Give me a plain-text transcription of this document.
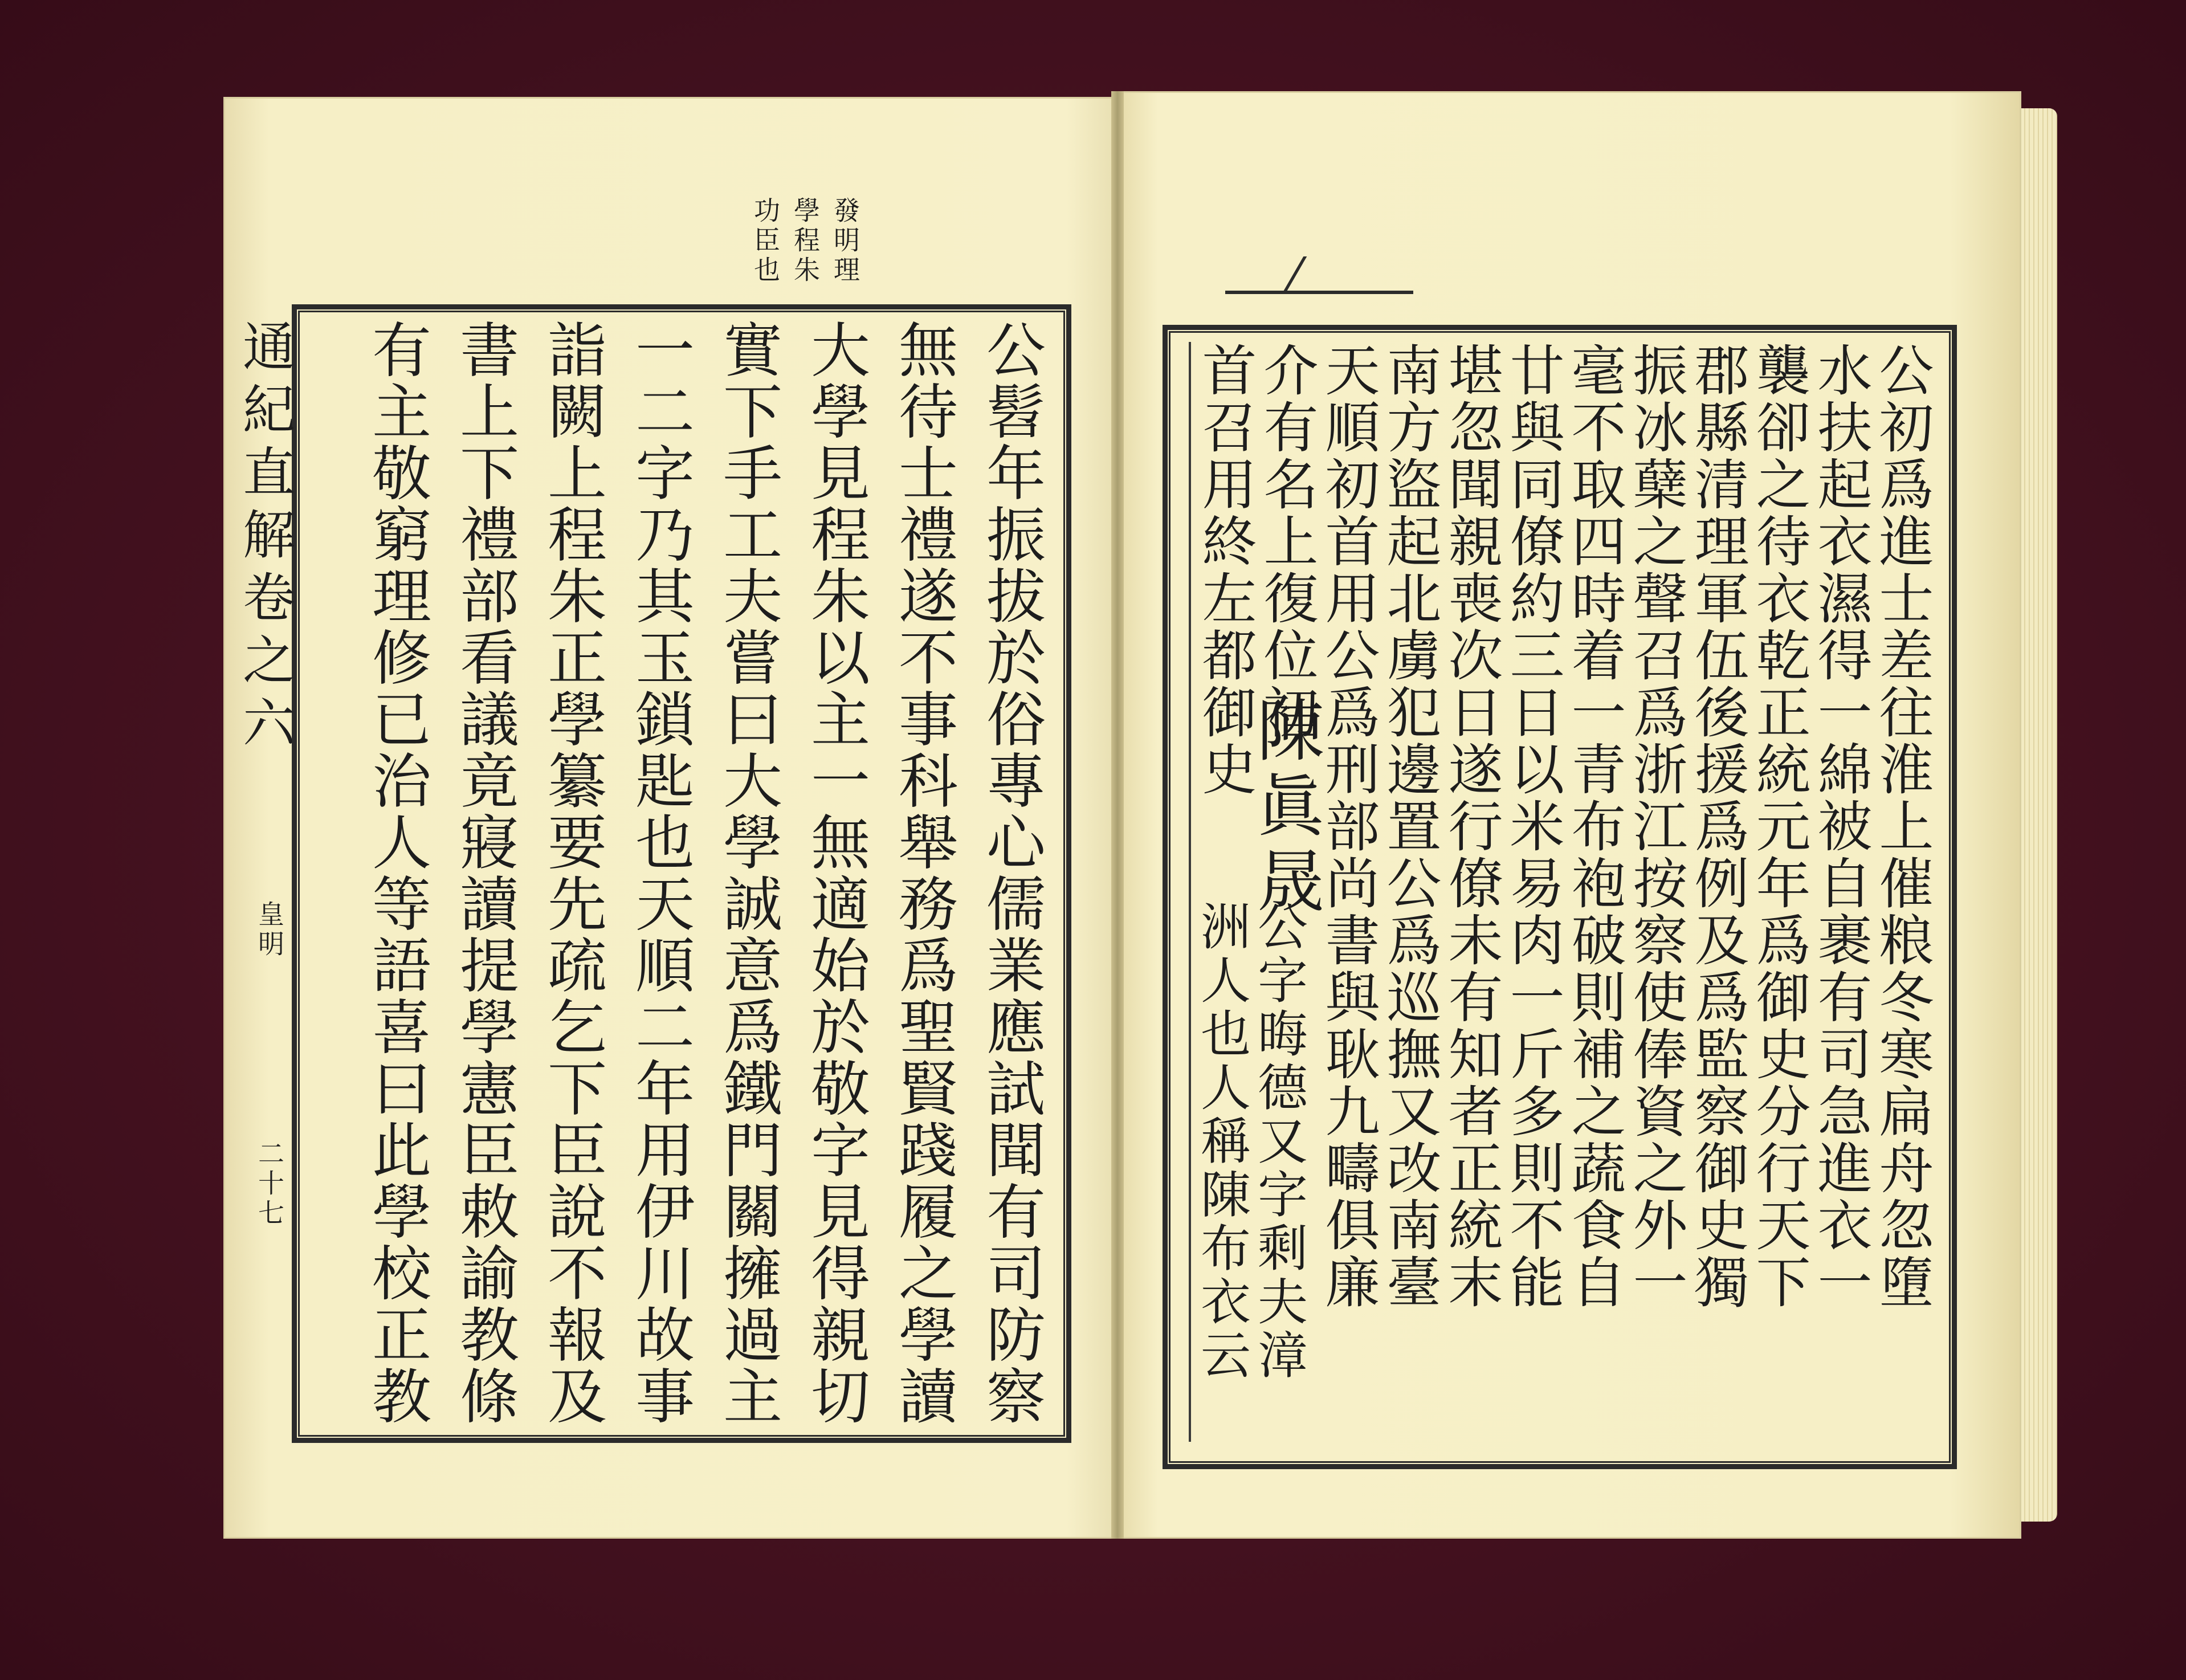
通紀直解卷之六
皇明
二十七
發明理
學程朱
功臣也
公髫年振拔於俗專心儒業應試聞有司防察
無待士禮遂不事科舉務爲聖賢踐履之學讀
大學見程朱以主一無適始於敬字見得親切
實下手工夫嘗曰大學誠意爲鐵門關擁過主
一二字乃其玉鎖匙也天順二年用伊川故事
詣闕上程朱正學纂要先疏乞下臣說不報及
書上下禮部看議竟寢讀提學憲臣敕諭教條
有主敬窮理修已治人等語喜曰此學校正教	公初爲進士差往淮上催粮冬寒扁舟忽墮
水扶起衣濕得一綿被自裹有司急進衣一
襲卻之待衣乾正統元年爲御史分行天下
郡縣清理軍伍後援爲例及爲監察御史獨
振冰蘖之聲召爲浙江按察使俸資之外一
毫不取四時着一青布袍破則補之蔬食自
廿與同僚約三日以米易肉一斤多則不能
堪忽聞親喪次日遂行僚未有知者正統末
南方盜起北虜犯邊置公爲巡撫又改南臺
天順初首用公爲刑部尚書與耿九疇俱廉
介有名上復位初
首召用終左都御史
陳眞晟
公字晦德又字剩夫漳
洲人也人稱陳布衣云
